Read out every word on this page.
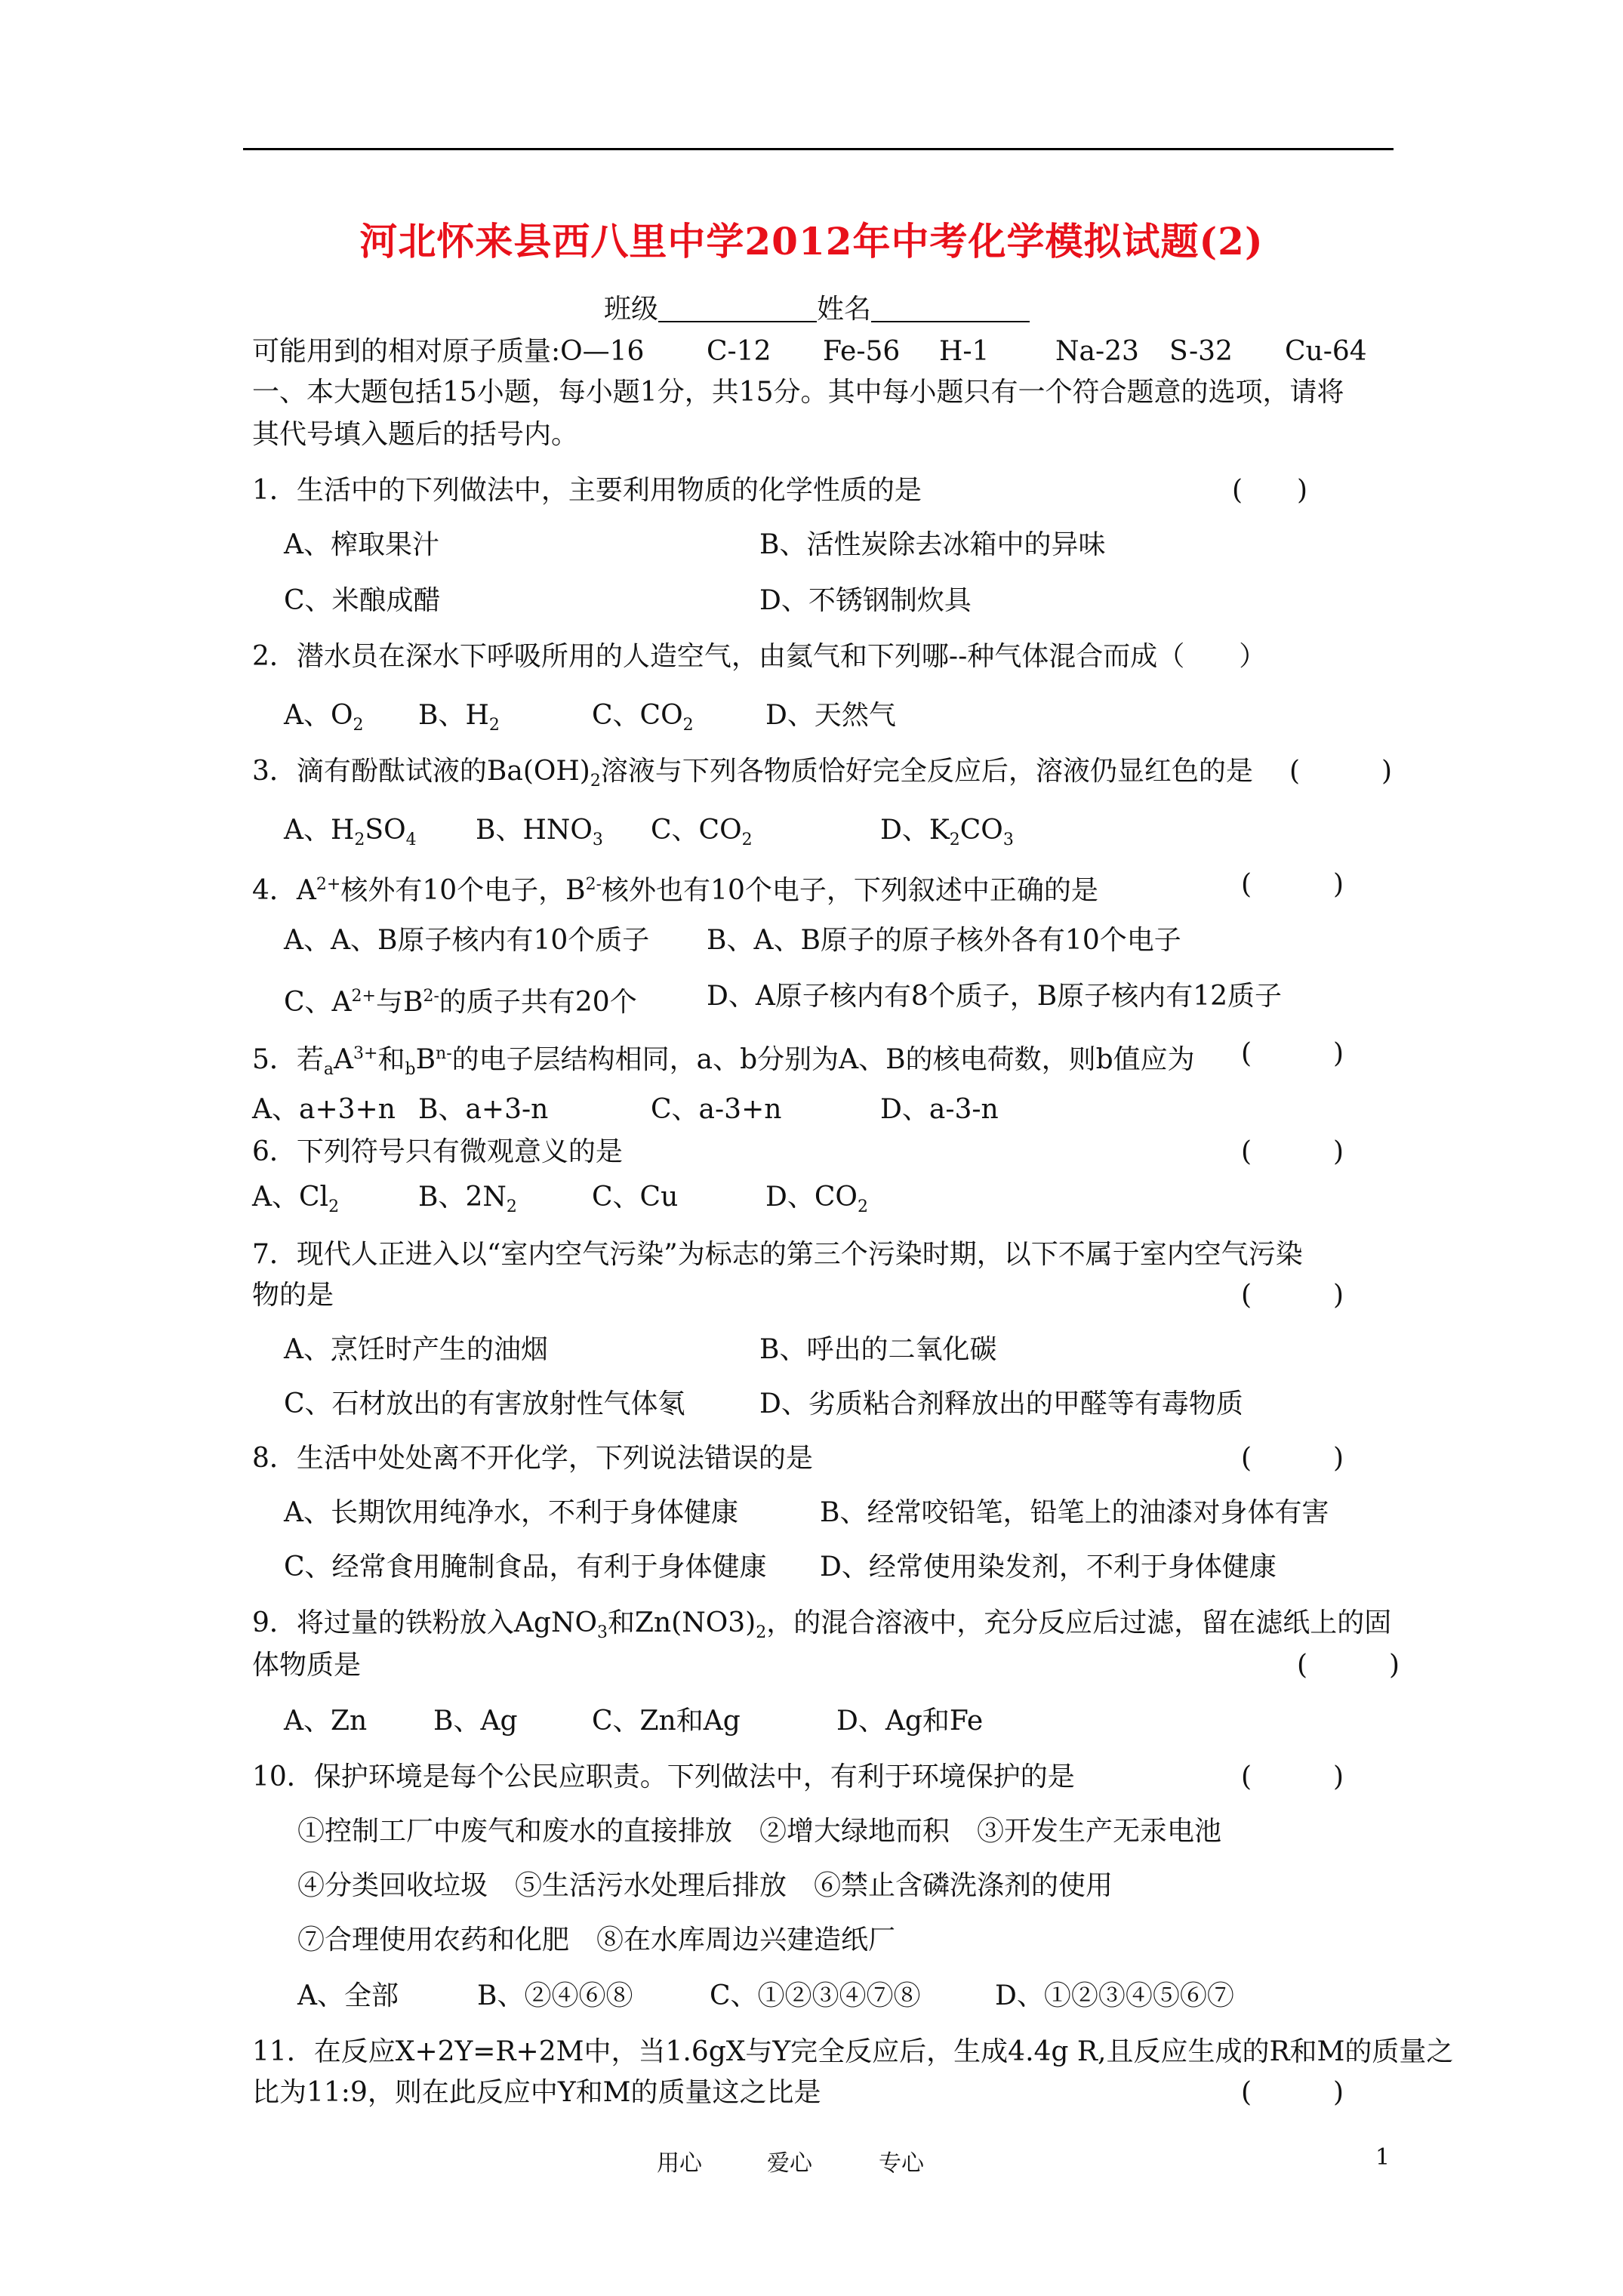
河北怀来县西八里中学2012年中考化学模拟试题(2)
班级	姓名
可能用到的相对原子质量:O—16 C-12 Fe-56 H-1 Na-23 S-32 Cu-64
一、本大题包括15小题，每小题1分，共15分。其中每小题只有一个符合题意的选项，请将
其代号填入题后的括号内。
1．生活中的下列做法中，主要利用物质的化学性质的是	(　　)
A、榨取果汁	B、活性炭除去冰箱中的异味
C、米酿成醋	D、不锈钢制炊具
2．潜水员在深水下呼吸所用的人造空气，由氦气和下列哪--种气体混合而成（　　）
A、$O_2$ B、$H_2$	C、$CO_2$	D、天然气
3．滴有酚酞试液的$Ba(OH)_2$溶液与下列各物质恰好完全反应后，溶液仍显红色的是 (　　　)
A、$H_2SO_4$ B、$HNO_3$ C、$CO_2$	D、$K_2CO_3$
4．$A^{2+}$核外有10个电子，$B^{2-}$核外也有10个电子，下列叙述中正确的是	(　　　)
A、A、B原子核内有10个质子 B、A、B原子的原子核外各有10个电子
C、$A^{2+}$与$B^{2-}$的质子共有20个	D、A原子核内有8个质子，B原子核内有12质子
5．若$_aA^{3+}$和$_bB^{n-}$的电子层结构相同，a、b分别为A、B的核电荷数，则b值应为 (　　　)
A、a+3+n B、a+3-n	C、a-3+n	D、a-3-n
6．下列符号只有微观意义的是	(　　　)
A、$Cl_2$	B、$2N_2$	C、Cu	D、$CO_2$
7．现代人正进入以“室内空气污染”为标志的第三个污染时期，以下不属于室内空气污染
物的是	(　　　)
A、烹饪时产生的油烟	B、呼出的二氧化碳
C、石材放出的有害放射性气体氡	D、劣质粘合剂释放出的甲醛等有毒物质
8．生活中处处离不开化学，下列说法错误的是	(　　　)
A、长期饮用纯净水，不利于身体健康	B、经常咬铅笔，铅笔上的油漆对身体有害
C、经常食用腌制食品，有利于身体健康 D、经常使用染发剂，不利于身体健康
9．将过量的铁粉放入AgNO$_3$和$Zn(NO3)_2$，的混合溶液中，充分反应后过滤，留在滤纸上的固
体物质是	(　　　)
A、Zn B、Ag	C、Zn和Ag	D、Ag和Fe
10．保护环境是每个公民应职责。下列做法中，有利于环境保护的是	(　　　)
①控制工厂中废气和废水的直接排放　②增大绿地而积　③开发生产无汞电池
④分类回收垃圾　⑤生活污水处理后排放　⑥禁止含磷洗涤剂的使用
⑦合理使用农药和化肥　⑧在水库周边兴建造纸厂
A、全部	B、②④⑥⑧	C、①②③④⑦⑧	D、①②③④⑤⑥⑦
11．在反应X+2Y=R+2M中，当1.6gX与Y完全反应后，生成4.4g R,且反应生成的R和M的质量之
比为11:9，则在此反应中Y和M的质量这之比是	(　　　)
用心	爱心	专心	1
